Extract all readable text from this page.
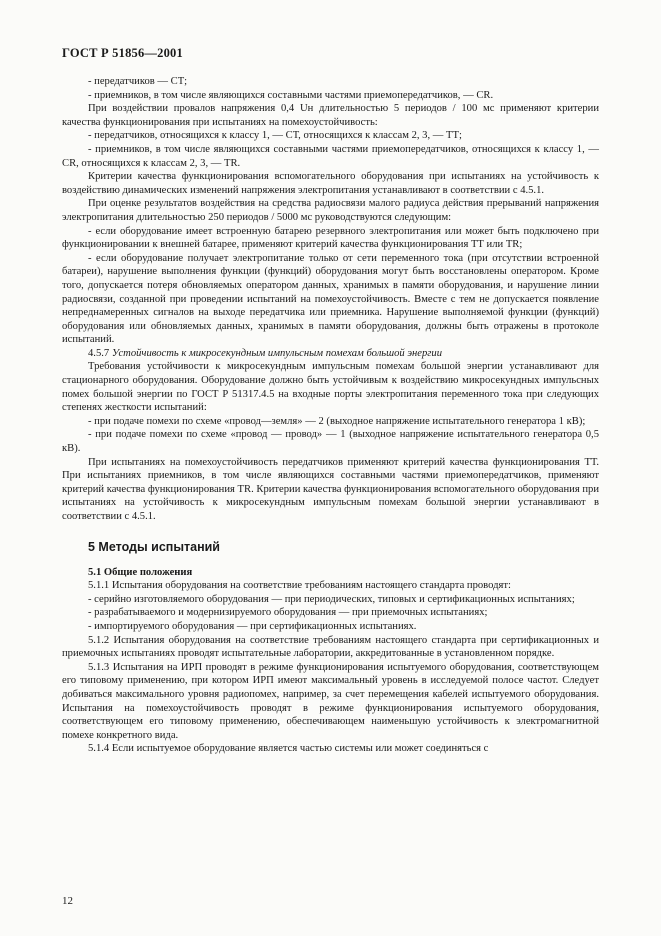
ГОСТ Р 51856—2001

- передатчиков — СТ;

- приемников, в том числе являющихся составными частями приемопередатчиков, — CR.

При воздействии провалов напряжения 0,4 Uн длительностью 5 периодов / 100 мс применяют критерии качества функционирования при испытаниях на помехоустойчивость:

- передатчиков, относящихся к классу 1, — СТ, относящихся к классам 2, 3, — ТТ;

- приемников, в том числе являющихся составными частями приемопередатчиков, относящихся к классу 1, — CR, относящихся к классам 2, 3, — TR.

Критерии качества функционирования вспомогательного оборудования при испытаниях на устойчивость к воздействию динамических изменений напряжения электропитания устанавливают в соответствии с 4.5.1.

При оценке результатов воздействия на средства радиосвязи малого радиуса действия прерываний напряжения электропитания длительностью 250 периодов / 5000 мс руководствуются следующим:

- если оборудование имеет встроенную батарею резервного электропитания или может быть подключено при функционировании к внешней батарее, применяют критерий качества функционирования ТТ или TR;

- если оборудование получает электропитание только от сети переменного тока (при отсутствии встроенной батареи), нарушение выполнения функции (функций) оборудования могут быть восстановлены оператором. Кроме того, допускается потеря обновляемых оператором данных, хранимых в памяти оборудования, и нарушение линии радиосвязи, созданной при проведении испытаний на помехоустойчивость. Вместе с тем не допускается появление непреднамеренных сигналов на выходе передатчика или приемника. Нарушение выполняемой функции (функций) оборудования или обновляемых данных, хранимых в памяти оборудования, должны быть отражены в протоколе испытаний.

4.5.7 Устойчивость к микросекундным импульсным помехам большой энергии

Требования устойчивости к микросекундным импульсным помехам большой энергии устанавливают для стационарного оборудования. Оборудование должно быть устойчивым к воздействию микросекундных импульсных помех большой энергии по ГОСТ Р 51317.4.5 на входные порты электропитания переменного тока при следующих степенях жесткости испытаний:

- при подаче помехи по схеме «провод—земля» — 2 (выходное напряжение испытательного генератора 1 кВ);

- при подаче помехи по схеме «провод — провод» — 1 (выходное напряжение испытательного генератора 0,5 кВ).

При испытаниях на помехоустойчивость передатчиков применяют критерий качества функционирования ТТ. При испытаниях приемников, в том числе являющихся составными частями приемопередатчиков, применяют критерий качества функционирования TR. Критерии качества функционирования вспомогательного оборудования при испытаниях на устойчивость к микросекундным импульсным помехам большой энергии устанавливают в соответствии с 4.5.1.

5 Методы испытаний
5.1 Общие положения

5.1.1 Испытания оборудования на соответствие требованиям настоящего стандарта проводят:

- серийно изготовляемого оборудования — при периодических, типовых и сертификационных испытаниях;

- разрабатываемого и модернизируемого оборудования — при приемочных испытаниях;

- импортируемого оборудования — при сертификационных испытаниях.

5.1.2 Испытания оборудования на соответствие требованиям настоящего стандарта при сертификационных и приемочных испытаниях проводят испытательные лаборатории, аккредитованные в установленном порядке.

5.1.3 Испытания на ИРП проводят в режиме функционирования испытуемого оборудования, соответствующем его типовому применению, при котором ИРП имеют максимальный уровень в исследуемой полосе частот. Следует добиваться максимального уровня радиопомех, например, за счет перемещения кабелей испытуемого оборудования. Испытания на помехоустойчивость проводят в режиме функционирования испытуемого оборудования, соответствующем его типовому применению, обеспечивающем наименьшую устойчивость к электромагнитной помехе конкретного вида.

5.1.4 Если испытуемое оборудование является частью системы или может соединяться с

12
